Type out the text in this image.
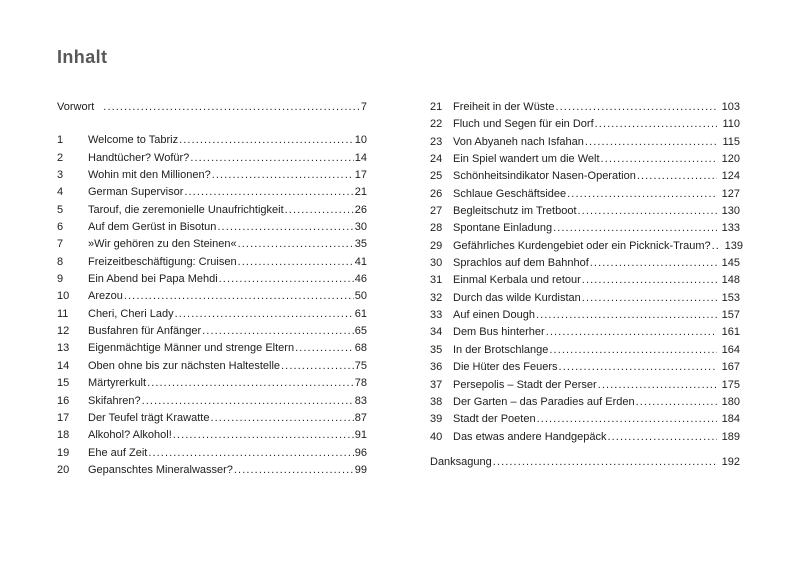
Inhalt
Vorwort .....	7
1	Welcome to Tabriz .....	10
2	Handtücher? Wofür? .....	14
3	Wohin mit den Millionen? .....	17
4	German Supervisor .....	21
5	Tarouf, die zeremonielle Unaufrichtigkeit .....	26
6	Auf dem Gerüst in Bisotun .....	30
7	»Wir gehören zu den Steinen« .....	35
8	Freizeitbeschäftigung: Cruisen .....	41
9	Ein Abend bei Papa Mehdi .....	46
10	Arezou .....	50
11	Cheri, Cheri Lady .....	61
12	Busfahren für Anfänger .....	65
13	Eigenmächtige Männer und strenge Eltern .....	68
14	Oben ohne bis zur nächsten Haltestelle .....	75
15	Märtyrerkult .....	78
16	Skifahren? .....	83
17	Der Teufel trägt Krawatte .....	87
18	Alkohol? Alkohol! .....	91
19	Ehe auf Zeit .....	96
20	Gepanschtes Mineralwasser? .....	99
21 Freiheit in der Wüste .....	103
22 Fluch und Segen für ein Dorf .....	110
23 Von Abyaneh nach Isfahan .....	115
24 Ein Spiel wandert um die Welt .....	120
25 Schönheitsindikator Nasen-Operation .....	124
26 Schlaue Geschäftsidee .....	127
27 Begleitschutz im Tretboot .....	130
28 Spontane Einladung .....	133
29 Gefährliches Kurdengebiet oder ein Picknick-Traum? ..... 139
30 Sprachlos auf dem Bahnhof .....	145
31 Einmal Kerbala und retour .....	148
32 Durch das wilde Kurdistan .....	153
33 Auf einen Dough .....	157
34 Dem Bus hinterher .....	161
35 In der Brotschlange .....	164
36 Die Hüter des Feuers .....	167
37 Persepolis – Stadt der Perser .....	175
38 Der Garten – das Paradies auf Erden .....	180
39 Stadt der Poeten .....	184
40 Das etwas andere Handgepäck .....	189
Danksagung .....	192
